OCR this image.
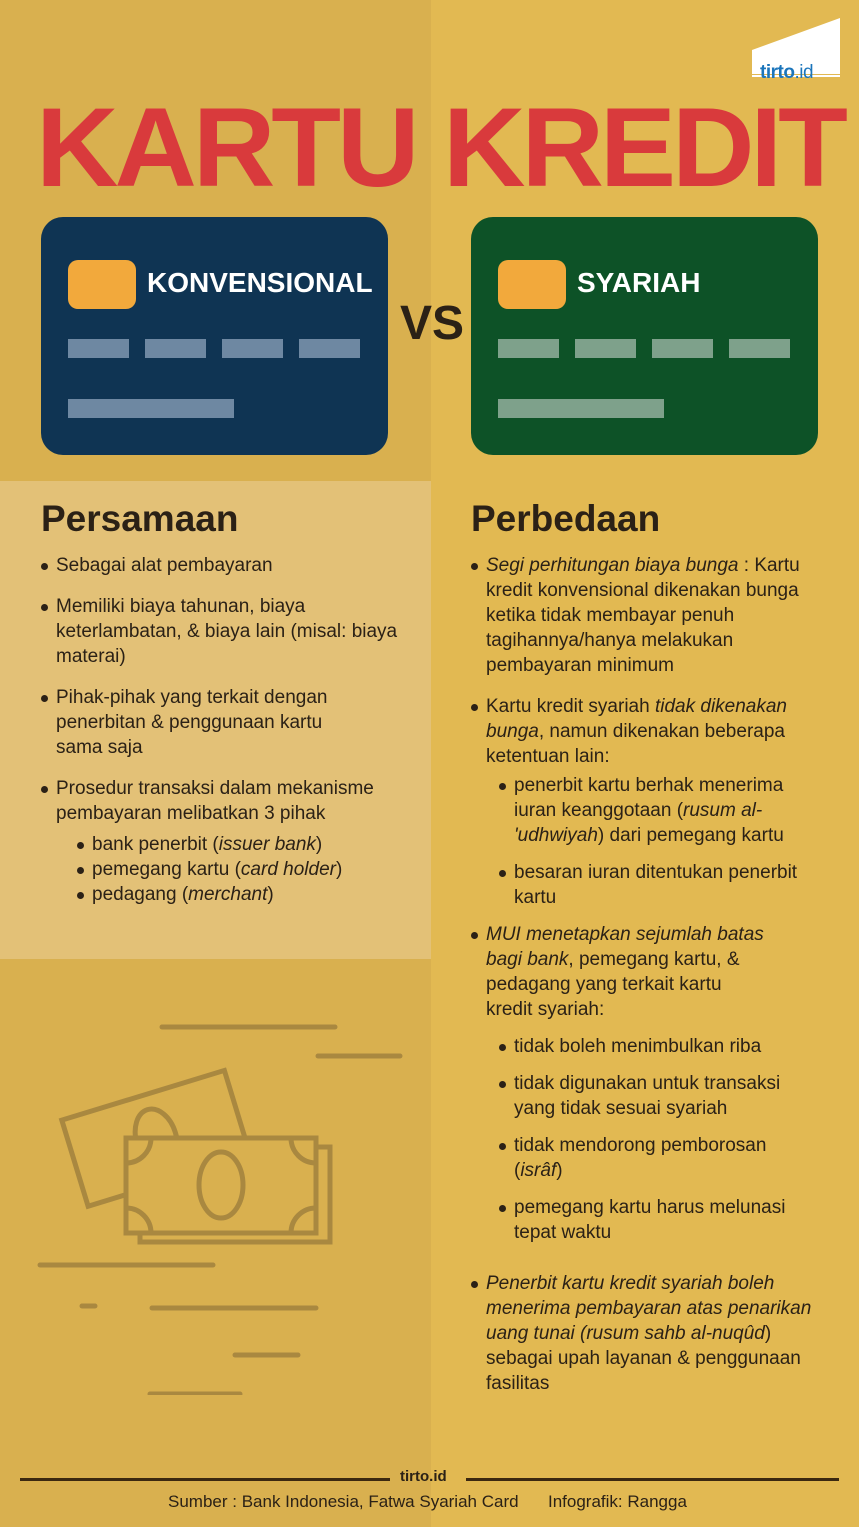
tirto.id
KARTU KREDIT
KONVENSIONAL
VS
SYARIAH
Persamaan
Sebagai alat pembayaran
Memiliki biaya tahunan, biaya keterlambatan, & biaya lain (misal: biaya materai)
Pihak-pihak yang terkait dengan penerbitan & penggunaan kartu sama saja
Prosedur transaksi dalam mekanisme pembayaran melibatkan 3 pihak
bank penerbit (issuer bank)
pemegang kartu (card holder)
pedagang (merchant)
Perbedaan
Segi perhitungan biaya bunga : Kartu kredit konvensional dikenakan bunga ketika tidak membayar penuh tagihannya/hanya melakukan pembayaran minimum
Kartu kredit syariah tidak dikenakan bunga, namun dikenakan beberapa ketentuan lain:
penerbit kartu berhak menerima iuran keanggotaan (rusum al-'udhwiyah) dari pemegang kartu
besaran iuran ditentukan penerbit kartu
MUI menetapkan sejumlah batas bagi bank, pemegang kartu, & pedagang yang terkait kartu kredit syariah:
tidak boleh menimbulkan riba
tidak digunakan untuk transaksi yang tidak sesuai syariah
tidak mendorong pemborosan (isrâf)
pemegang kartu harus melunasi tepat waktu
Penerbit kartu kredit syariah boleh menerima pembayaran atas penarikan uang tunai (rusum sahb al-nuqûd) sebagai upah layanan & penggunaan fasilitas
tirto.id
Sumber : Bank Indonesia, Fatwa Syariah Card Infografik: Rangga
